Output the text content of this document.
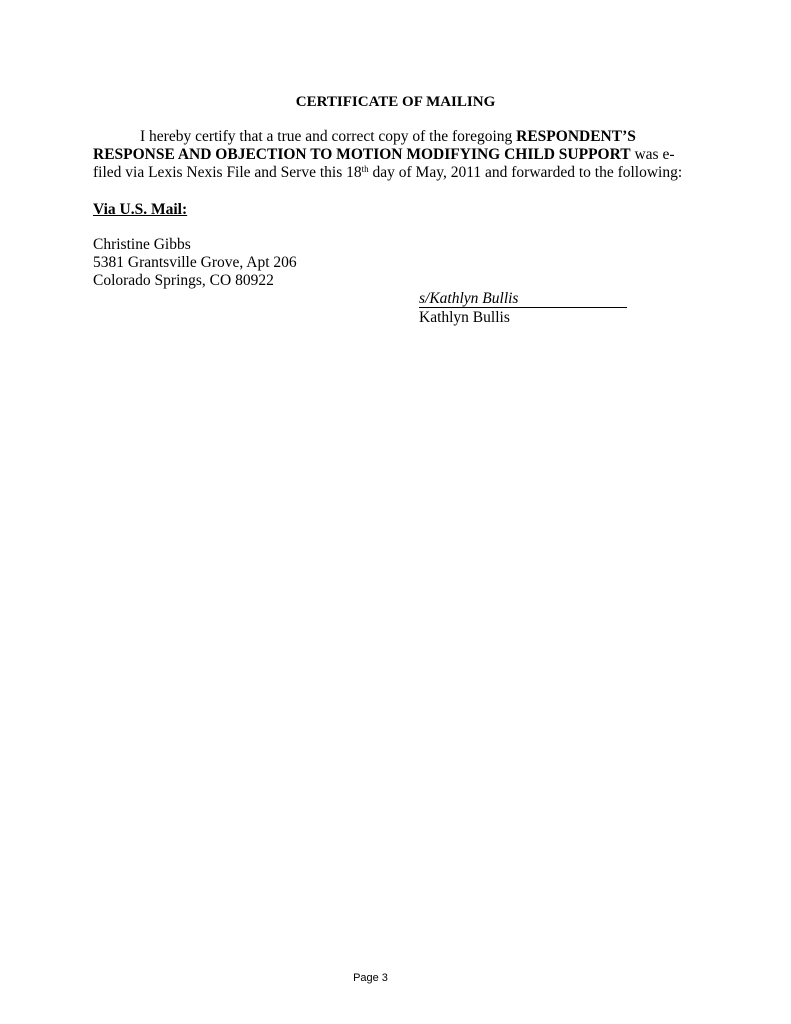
CERTIFICATE OF MAILING
I hereby certify that a true and correct copy of the foregoing RESPONDENT’S RESPONSE AND OBJECTION TO MOTION MODIFYING CHILD SUPPORT was e-filed via Lexis Nexis File and Serve this 18th day of May, 2011 and forwarded to the following:
Via U.S. Mail:
Christine Gibbs
5381 Grantsville Grove, Apt 206
Colorado Springs, CO 80922
s/Kathlyn Bullis
Kathlyn Bullis
Page 3
